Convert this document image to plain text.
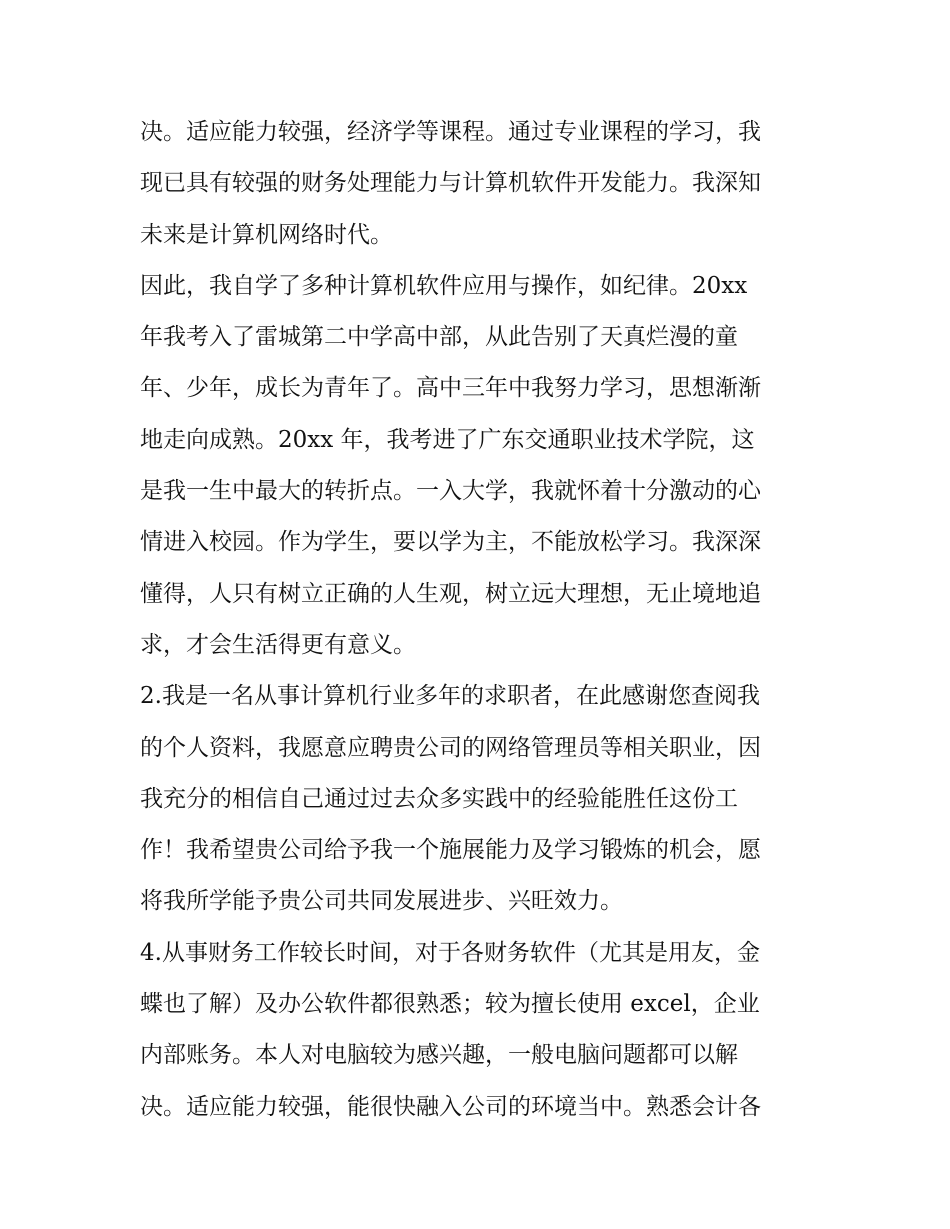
决。适应能力较强，经济学等课程。通过专业课程的学习，我
现已具有较强的财务处理能力与计算机软件开发能力。我深知
未来是计算机网络时代。
因此，我自学了多种计算机软件应用与操作，如纪律。20xx
年我考入了雷城第二中学高中部，从此告别了天真烂漫的童
年、少年，成长为青年了。高中三年中我努力学习，思想渐渐
地走向成熟。20xx 年，我考进了广东交通职业技术学院，这
是我一生中最大的转折点。一入大学，我就怀着十分激动的心
情进入校园。作为学生，要以学为主，不能放松学习。我深深
懂得，人只有树立正确的人生观，树立远大理想，无止境地追
求，才会生活得更有意义。
2.我是一名从事计算机行业多年的求职者，在此感谢您查阅我
的个人资料，我愿意应聘贵公司的网络管理员等相关职业，因
我充分的相信自己通过过去众多实践中的经验能胜任这份工
作！我希望贵公司给予我一个施展能力及学习锻炼的机会，愿
将我所学能予贵公司共同发展进步、兴旺效力。
4.从事财务工作较长时间，对于各财务软件（尤其是用友，金
蝶也了解）及办公软件都很熟悉；较为擅长使用 excel，企业
内部账务。本人对电脑较为感兴趣，一般电脑问题都可以解
决。适应能力较强，能很快融入公司的环境当中。熟悉会计各
